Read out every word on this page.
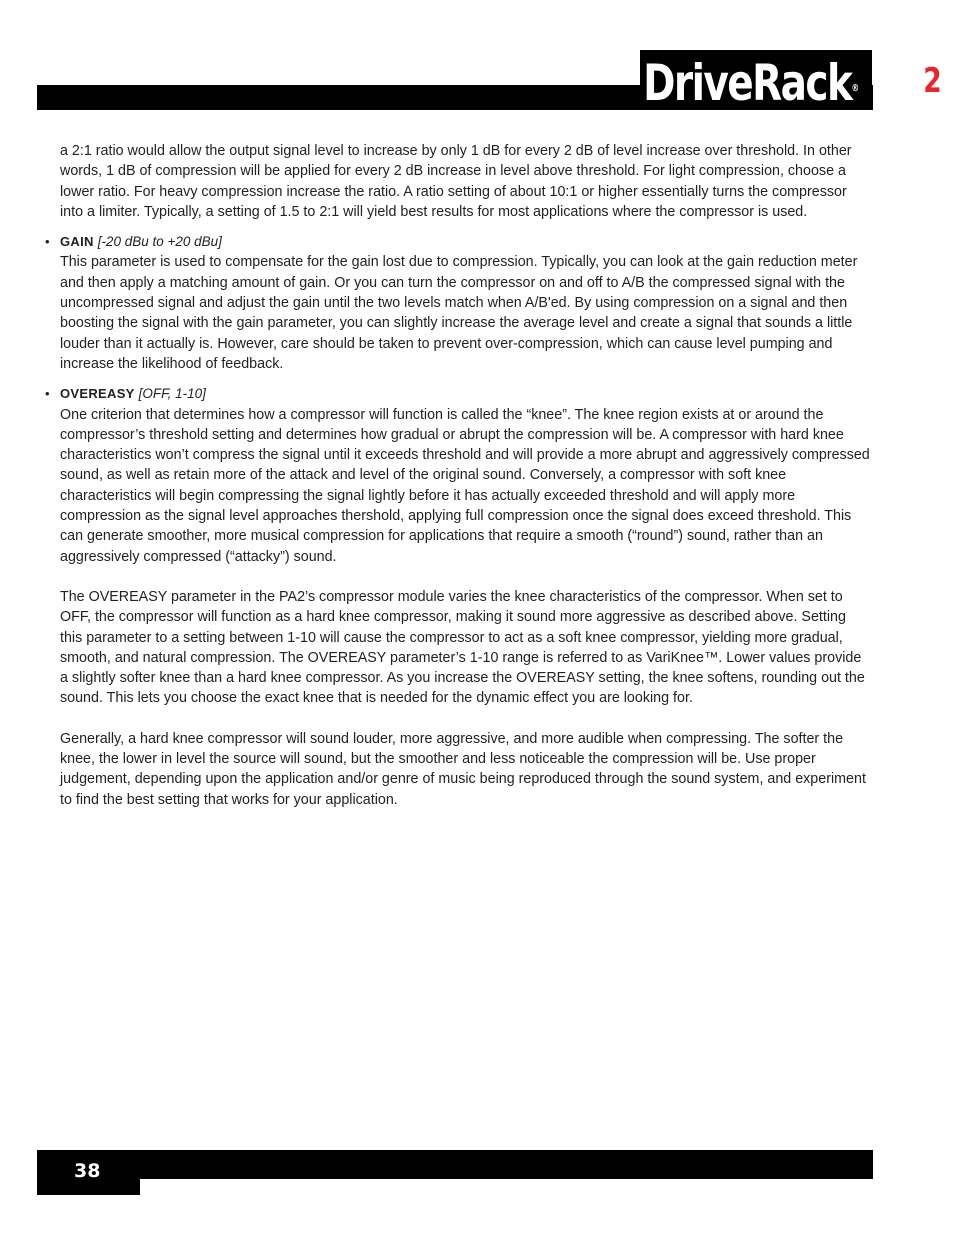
DriveRack® $PA^2$

a 2:1 ratio would allow the output signal level to increase by only 1 dB for every 2 dB of level increase over threshold. In other words, 1 dB of compression will be applied for every 2 dB increase in level above threshold. For light compression, choose a lower ratio. For heavy compression increase the ratio. A ratio setting of about 10:1 or higher essentially turns the compressor into a limiter. Typically, a setting of 1.5 to 2:1 will yield best results for most applications where the compressor is used.

• GAIN [-20 dBu to +20 dBu]

This parameter is used to compensate for the gain lost due to compression. Typically, you can look at the gain reduction meter and then apply a matching amount of gain. Or you can turn the compressor on and off to A/B the compressed signal with the uncompressed signal and adjust the gain until the two levels match when A/B'ed. By using compression on a signal and then boosting the signal with the gain parameter, you can slightly increase the average level and create a signal that sounds a little louder than it actually is. However, care should be taken to prevent over-compression, which can cause level pumping and increase the likelihood of feedback.

• OVEREASY [OFF, 1-10]

One criterion that determines how a compressor will function is called the “knee”. The knee region exists at or around the compressor’s threshold setting and determines how gradual or abrupt the compression will be. A compressor with hard knee characteristics won’t compress the signal until it exceeds threshold and will provide a more abrupt and aggressively compressed sound, as well as retain more of the attack and level of the original sound. Conversely, a compressor with soft knee characteristics will begin compressing the signal lightly before it has actually exceeded threshold and will apply more compression as the signal level approaches thershold, applying full compression once the signal does exceed threshold. This can generate smoother, more musical compression for applications that require a smooth (“round”) sound, rather than an aggressively compressed (“attacky”) sound.

The OVEREASY parameter in the PA2’s compressor module varies the knee characteristics of the compressor. When set to OFF, the compressor will function as a hard knee compressor, making it sound more aggressive as described above. Setting this parameter to a setting between 1-10 will cause the compressor to act as a soft knee compressor, yielding more gradual, smooth, and natural compression. The OVEREASY parameter’s 1-10 range is referred to as VariKnee™. Lower values provide a slightly softer knee than a hard knee compressor. As you increase the OVEREASY setting, the knee softens, rounding out the sound. This lets you choose the exact knee that is needed for the dynamic effect you are looking for.

Generally, a hard knee compressor will sound louder, more aggressive, and more audible when compressing. The softer the knee, the lower in level the source will sound, but the smoother and less noticeable the compression will be. Use proper judgement, depending upon the application and/or genre of music being reproduced through the sound system, and experiment to find the best setting that works for your application.

38
